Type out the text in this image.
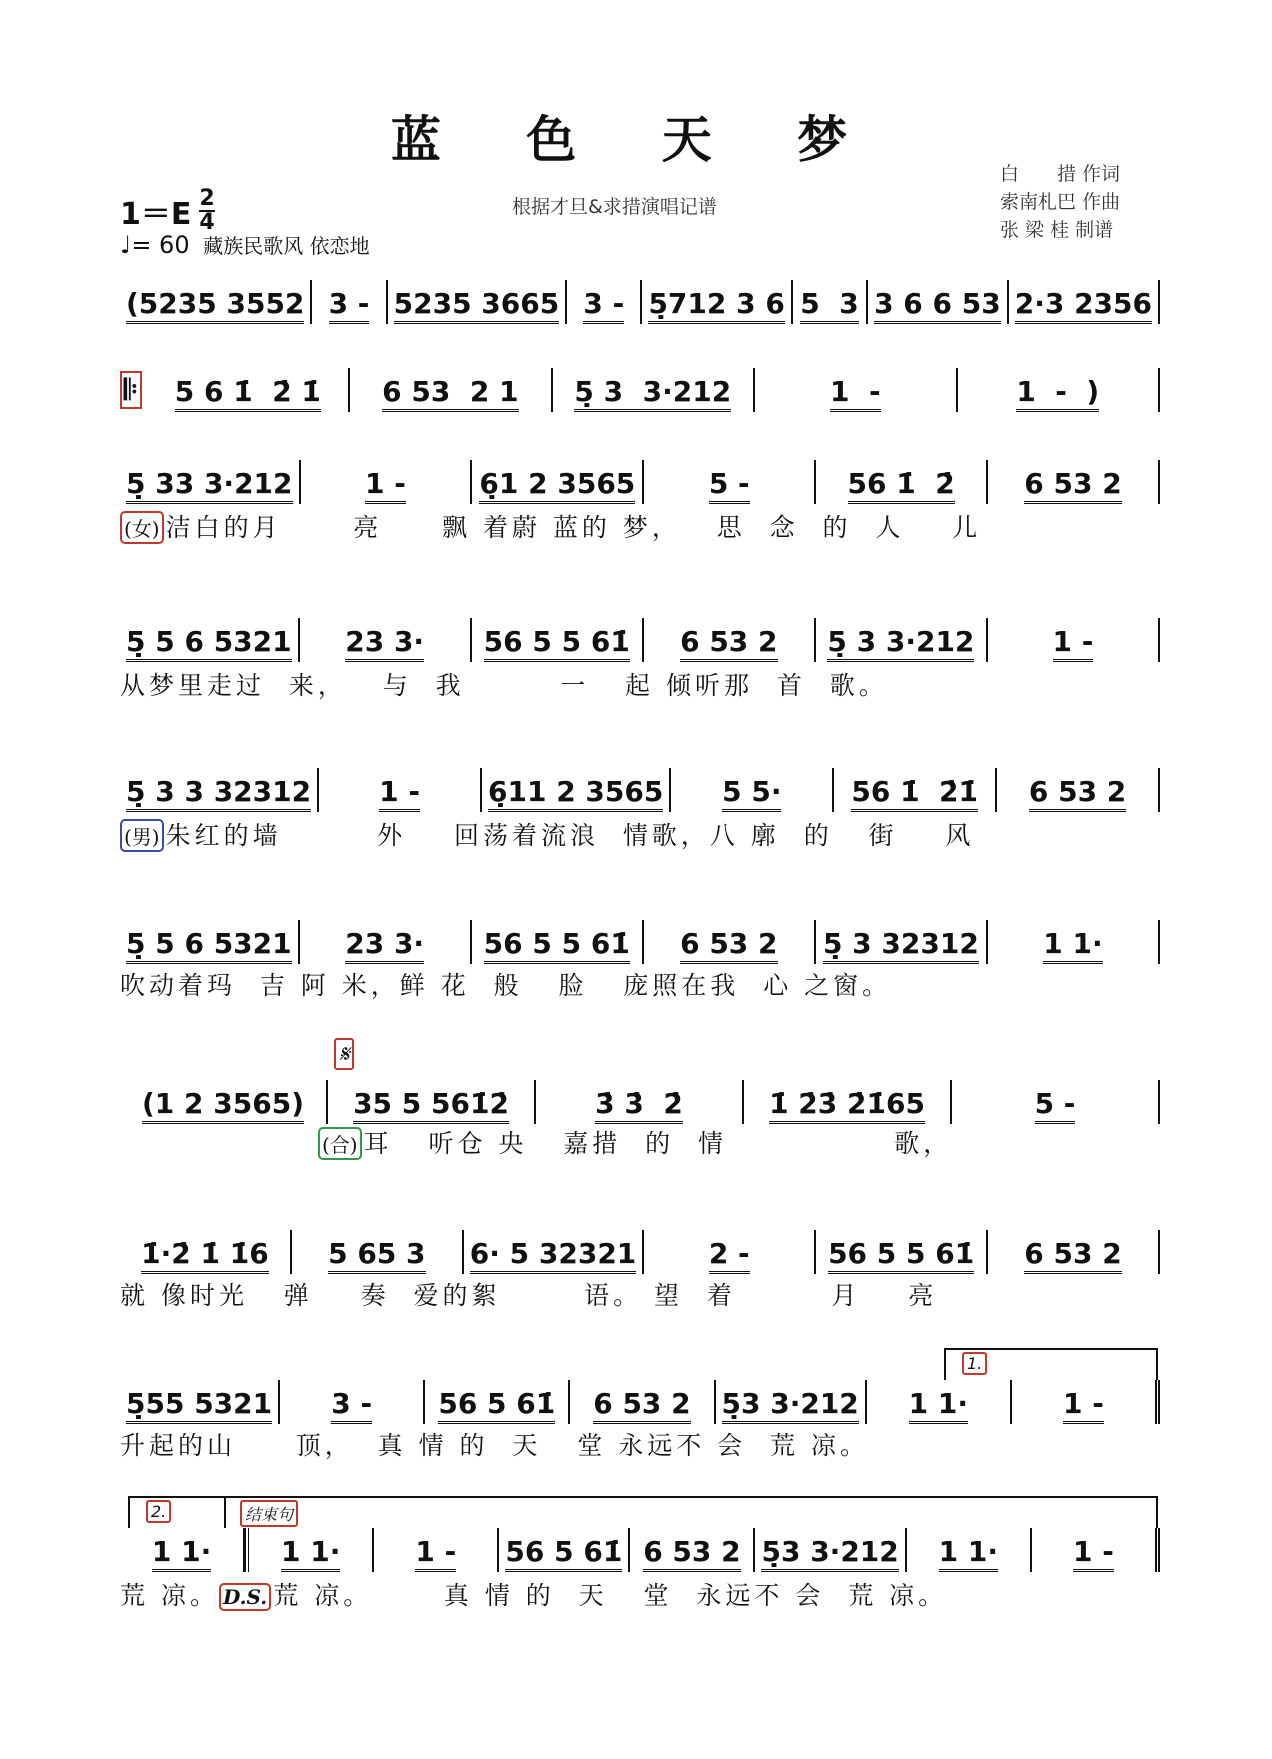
蓝 色 天 梦
$1=E \frac{2}{4}$
♩= 60 藏族民歌风 依恋地
根据才旦&求措演唱记谱
白　　措 作词
索南札巴 作曲
张 梁 桂 制谱
(5235 3552 3 - 5235 3665 3 - 5̣712 3 6 5  3 3 6 6 53 2·3 2356
𝄆 5 6 1̇  2̇ 1̇ 6 53  2 1 5̣ 3  3·212	1  -	1  -  )
5̣ 33 3·212	1 -	6̣1 2 3565	5 -	56 1̇  2̇ 6 53 2
(女) 洁白的月      亮     飘 着蔚 蓝的 梦，   思  念  的  人    儿
5̣ 5 6 5321 23 3· 56 5 5 61̇ 6 53 2 5̣ 3 3·212	1 -
从梦里走过  来，   与  我        一   起 倾听那  首  歌。
5̣ 3 3 32312 1 - 6̣11 2 3565 5 5· 56 1̇  2̇1̇ 6 53 2
(男) 朱红的墙        外    回荡着流浪  情歌，八 廓  的   街    风
5̣ 5 6 5321 23 3· 56 5 5 61̇ 6 53 2 5̣ 3 32312 1 1·
吹动着玛  吉 阿 米，鲜 花  般   脸   庞照在我  心 之窗。
(1 2 3565) 35 5 561̇2̇	3̇ 3̇  2̇	1̇ 2̇3̇ 2̇1̇65	5 -
𝄋
(合) 耳   听仓 央   嘉措  的  情              歌，
1̇·2̇ 1̇ 1̇6 5 65 3 6· 5 32321	2 -	56 5 5 61̇ 6 53 2
就 像时光   弹    奏  爱的絮       语。 望  着        月    亮
5̣55 5321 3 - 56 5 61̇ 6 53 2 5̣3 3·212 1 1·	1 -
1.
升起的山     顶，  真 情 的  天   堂 永远不 会  荒 凉。
1 1· 1 1·	1 - 56 5 61̇ 6 53 2 5̣3 3·212 1 1·	1 -
2.	结束句
荒 凉。 D.S. 荒 凉。      真 情 的  天   堂  永远不 会  荒 凉。
